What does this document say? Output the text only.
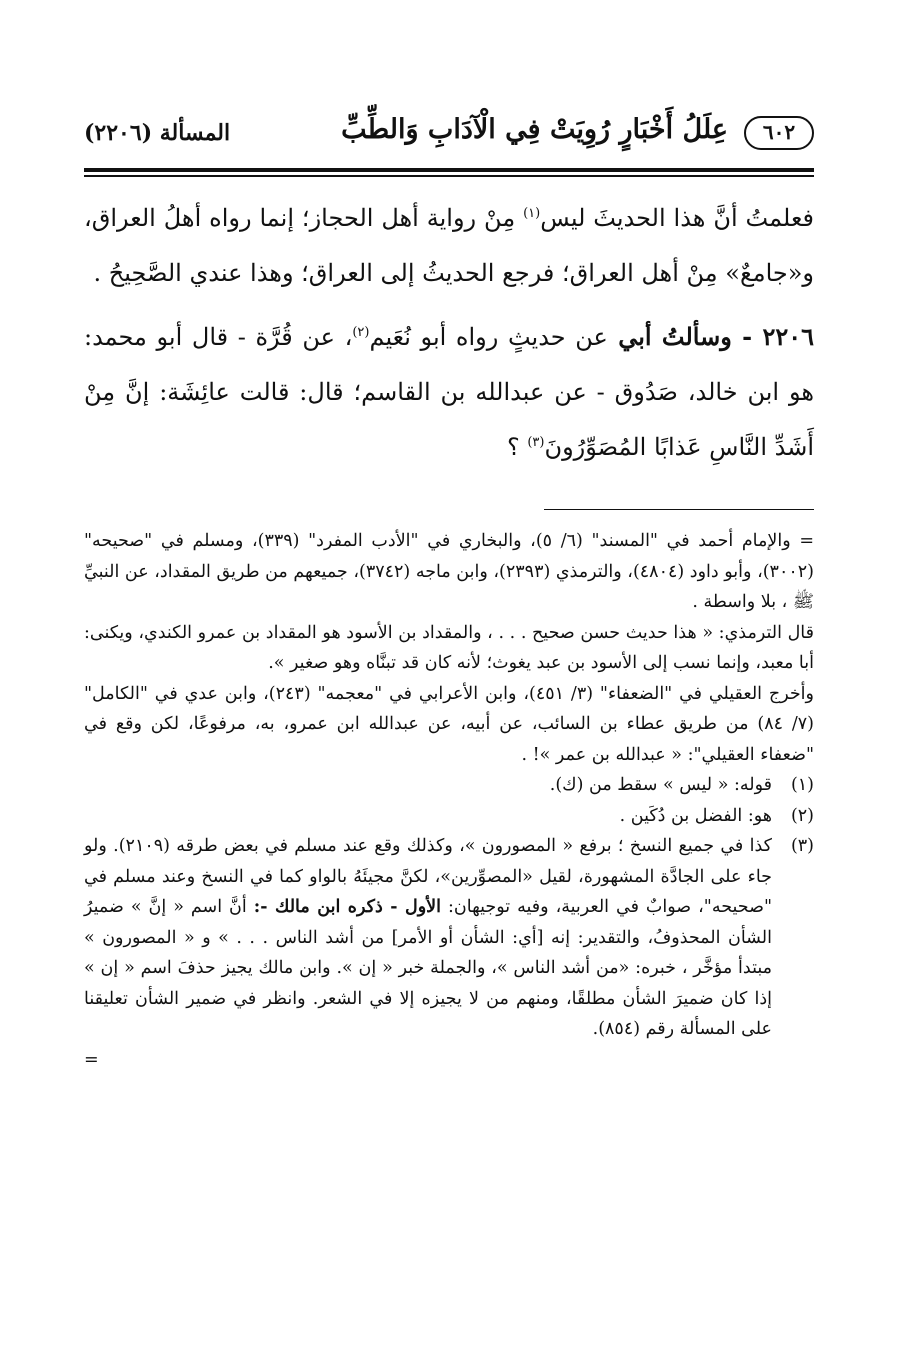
٦٠٢
عِلَلُ أَخْبَارٍ رُوِيَتْ فِي الْآدَابِ وَالطِّبِّ
المسألة (٢٢٠٦)

فعلمتُ أنَّ هذا الحديثَ ليس$^{(١)}$ مِنْ رواية أهل الحجاز؛ إنما رواه أهلُ العراق، و«جامعٌ» مِنْ أهل العراق؛ فرجع الحديثُ إلى العراق؛ وهذا عندي الصَّحِيحُ .

٢٢٠٦ - وسألتُ أبي عن حديثٍ رواه أبو نُعَيم$^{(٢)}$، عن قُرَّة - قال أبو محمد: هو ابن خالد، صَدُوق - عن عبدالله بن القاسم؛ قال: قالت عائِشَة: إنَّ مِنْ أَشَدِّ النَّاسِ عَذابًا المُصَوِّرُونَ$^{(٣)}$ ؟

= والإمام أحمد في "المسند" (٦/ ٥)، والبخاري في "الأدب المفرد" (٣٣٩)، ومسلم في "صحيحه" (٣٠٠٢)، وأبو داود (٤٨٠٤)، والترمذي (٢٣٩٣)، وابن ماجه (٣٧٤٢)، جميعهم من طريق المقداد، عن النبيِّ ﷺ ، بلا واسطة .

قال الترمذي: « هذا حديث حسن صحيح . . . ، والمقداد بن الأسود هو المقداد بن عمرو الكندي، ويكنى: أبا معبد، وإنما نسب إلى الأسود بن عبد يغوث؛ لأنه كان قد تبنَّاه وهو صغير ».

وأخرج العقيلي في "الضعفاء" (٣/ ٤٥١)، وابن الأعرابي في "معجمه" (٢٤٣)، وابن عدي في "الكامل"(٧/ ٨٤) من طريق عطاء بن السائب، عن أبيه، عن عبدالله ابن عمرو، به، مرفوعًا، لكن وقع في "ضعفاء العقيلي": « عبدالله بن عمر »! .

(١)
قوله: « ليس » سقط من (ك).
(٢)
هو: الفضل بن دُكَين .
(٣)
كذا في جميع النسخ ؛ برفع « المصورون »، وكذلك وقع عند مسلم في بعض طرقه (٢١٠٩). ولو جاء على الجادَّة المشهورة، لقيل «المصوِّرين»، لكنَّ مجيئَهُ بالواو كما في النسخ وعند مسلم في "صحيحه"، صوابٌ في العربية، وفيه توجيهان: الأول - ذكره ابن مالك -: أنَّ اسم « إنَّ » ضميرُ الشأن المحذوفُ، والتقدير: إنه [أي: الشأن أو الأمر] من أشد الناس . . . » و « المصورون » مبتدأ مؤخَّر ، خبره: «من أشد الناس »، والجملة خبر « إن ». وابن مالك يجيز حذفَ اسم « إن » إذا كان ضميرَ الشأن مطلقًا، ومنهم من لا يجيزه إلا في الشعر. وانظر في ضمير الشأن تعليقنا على المسألة رقم (٨٥٤).
=
